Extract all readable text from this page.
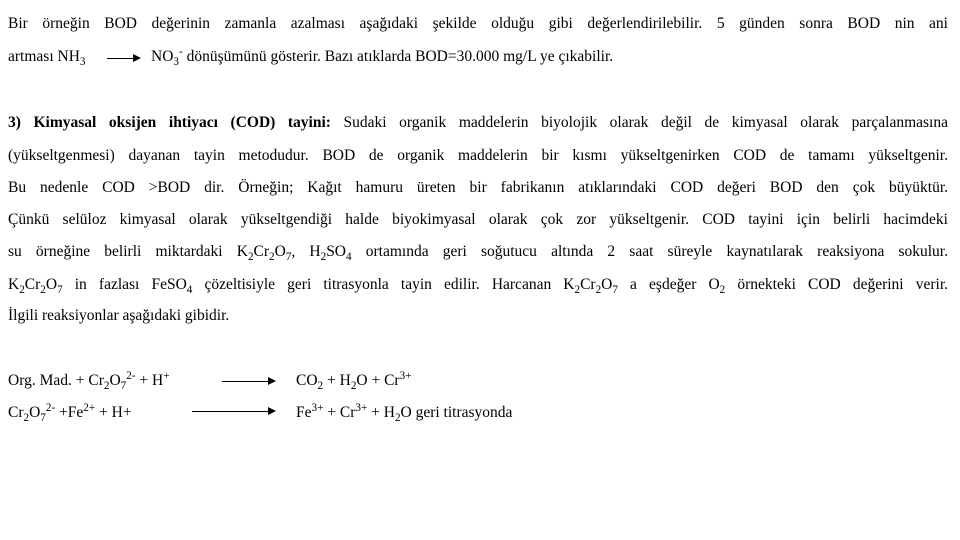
Bir örneğin BOD değerinin zamanla azalması aşağıdaki şekilde olduğu gibi değerlendirilebilir. 5 günden sonra BOD nin ani
artması $NH_3 \to NO_3^-$ dönüşümünü gösterir. Bazı atıklarda BOD=30.000 mg/L ye çıkabilir.
3) Kimyasal oksijen ihtiyacı (COD) tayini: Sudaki organik maddelerin biyolojik olarak değil de kimyasal olarak parçalanmasına
(yükseltgenmesi) dayanan tayin metodudur. BOD de organik maddelerin bir kısmı yükseltgenirken COD de tamamı yükseltgenir.
Bu nedenle COD >BOD dir. Örneğin; Kağıt hamuru üreten bir fabrikanın atıklarındaki COD değeri BOD den çok büyüktür.
Çünkü selüloz kimyasal olarak yükseltgendiği halde biyokimyasal olarak çok zor yükseltgenir. COD tayini için belirli hacimdeki
su örneğine belirli miktardaki $K_2Cr_2O_7$, $H_2SO_4$ ortamında geri soğutucu altında 2 saat süreyle kaynatılarak reaksiyona sokulur.
$K_2Cr_2O_7$ in fazlası FeSO$_4$ çözeltisiyle geri titrasyonla tayin edilir. Harcanan $K_2Cr_2O_7$ a eşdeğer $O_2$ örnekteki COD değerini verir.
İlgili reaksiyonlar aşağıdaki gibidir.
Org. Mad. + $Cr_2O_7^{2-} + H^+$	→ $CO_2 + H_2O + Cr^{3+}$
$Cr_2O_7^{2-} +Fe^{2+} + H+$	$Fe^{3+} + Cr^{3+} + H_2O$ geri titrasyonda
